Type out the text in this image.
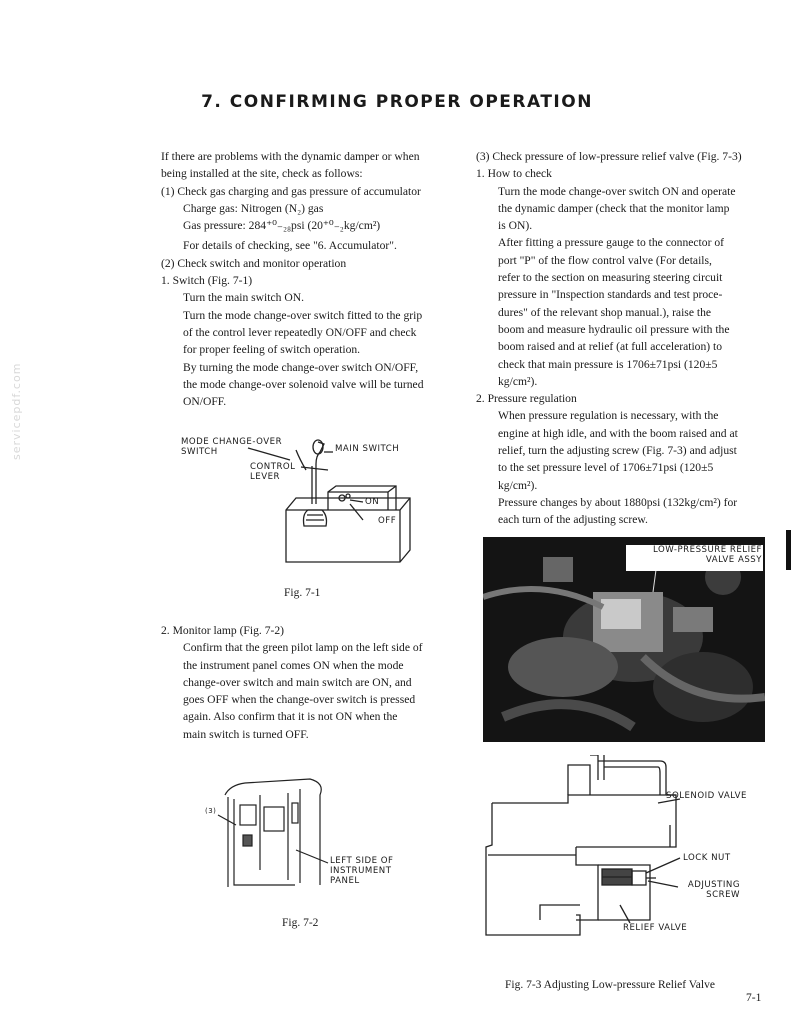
servicepdf.com
7. CONFIRMING PROPER OPERATION

If there are problems with the dynamic damper or when

being installed at the site, check as follows:

(1) Check gas charging and gas pressure of accumulator

Charge gas: Nitrogen (N₂) gas

Gas pressure: 284⁺⁰₋₂₈psi (20⁺⁰₋₂kg/cm²)

For details of checking, see "6. Accumulator".

(2) Check switch and monitor operation

1. Switch (Fig. 7-1)

Turn the main switch ON.

Turn the mode change-over switch fitted to the grip

of the control lever repeatedly ON/OFF and check

for proper feeling of switch operation.

By turning the mode change-over switch ON/OFF,

the mode change-over solenoid valve will be turned

ON/OFF.

MODE CHANGE-OVER
SWITCH	MAIN SWITCH
CONTROL
LEVER
ON
OFF
Fig. 7-1

2. Monitor lamp (Fig. 7-2)

Confirm that the green pilot lamp on the left side of

the instrument panel comes ON when the mode

change-over switch and main switch are ON, and

goes OFF when the change-over switch is pressed

again. Also confirm that it is not ON when the

main switch is turned OFF.

(3)
LEFT SIDE OF
INSTRUMENT
PANEL
Fig. 7-2

(3) Check pressure of low-pressure relief valve (Fig. 7-3)

1. How to check

Turn the mode change-over switch ON and operate

the dynamic damper (check that the monitor lamp

is ON).

After fitting a pressure gauge to the connector of

port "P" of the flow control valve (For details,

refer to the section on measuring steering circuit

pressure in "Inspection standards and test proce-

dures" of the relevant shop manual.), raise the

boom and measure hydraulic oil pressure with the

boom raised and at relief (at full acceleration) to

check that main pressure is 1706±71psi (120±5

kg/cm²).

2. Pressure regulation

When pressure regulation is necessary, with the

engine at high idle, and with the boom raised and at

relief, turn the adjusting screw (Fig. 7-3) and adjust

to the set pressure level of 1706±71psi (120±5

kg/cm²).

Pressure changes by about 1880psi (132kg/cm²) for

each turn of the adjusting screw.

LOW-PRESSURE RELIEF
VALVE ASSY
SOLENOID VALVE
LOCK NUT
ADJUSTING
SCREW
RELIEF VALVE
Fig. 7-3 Adjusting Low-pressure Relief Valve
7-1
